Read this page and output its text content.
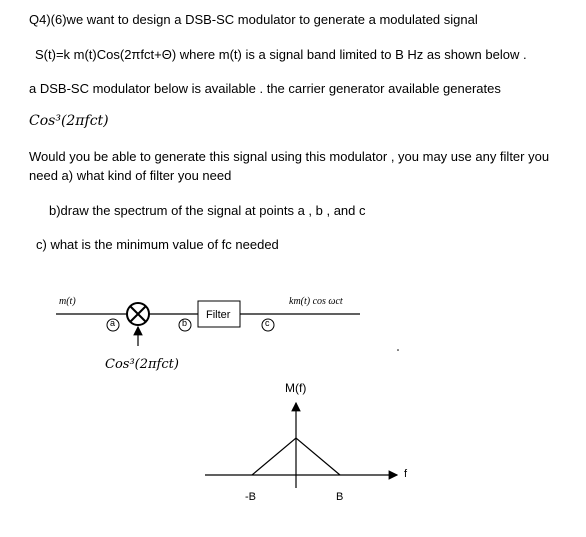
Q4)(6)we want to design a DSB-SC modulator to generate a modulated signal
S(t)=k m(t)Cos(2πfct+Θ) where m(t) is a signal band limited to B Hz as shown below .
a DSB-SC modulator below is available . the carrier generator available generates
Cos³(2πfct)
Would you be able to generate this signal using this modulator , you may use any filter you
need a) what kind of filter you need
b)draw the spectrum of the signal at points a , b , and c
c) what is the minimum value of fc needed
m(t)
Filter
km(t) cos ωct
a	b	c
Cos³(2πfct)
M(f)
f
-B	B
